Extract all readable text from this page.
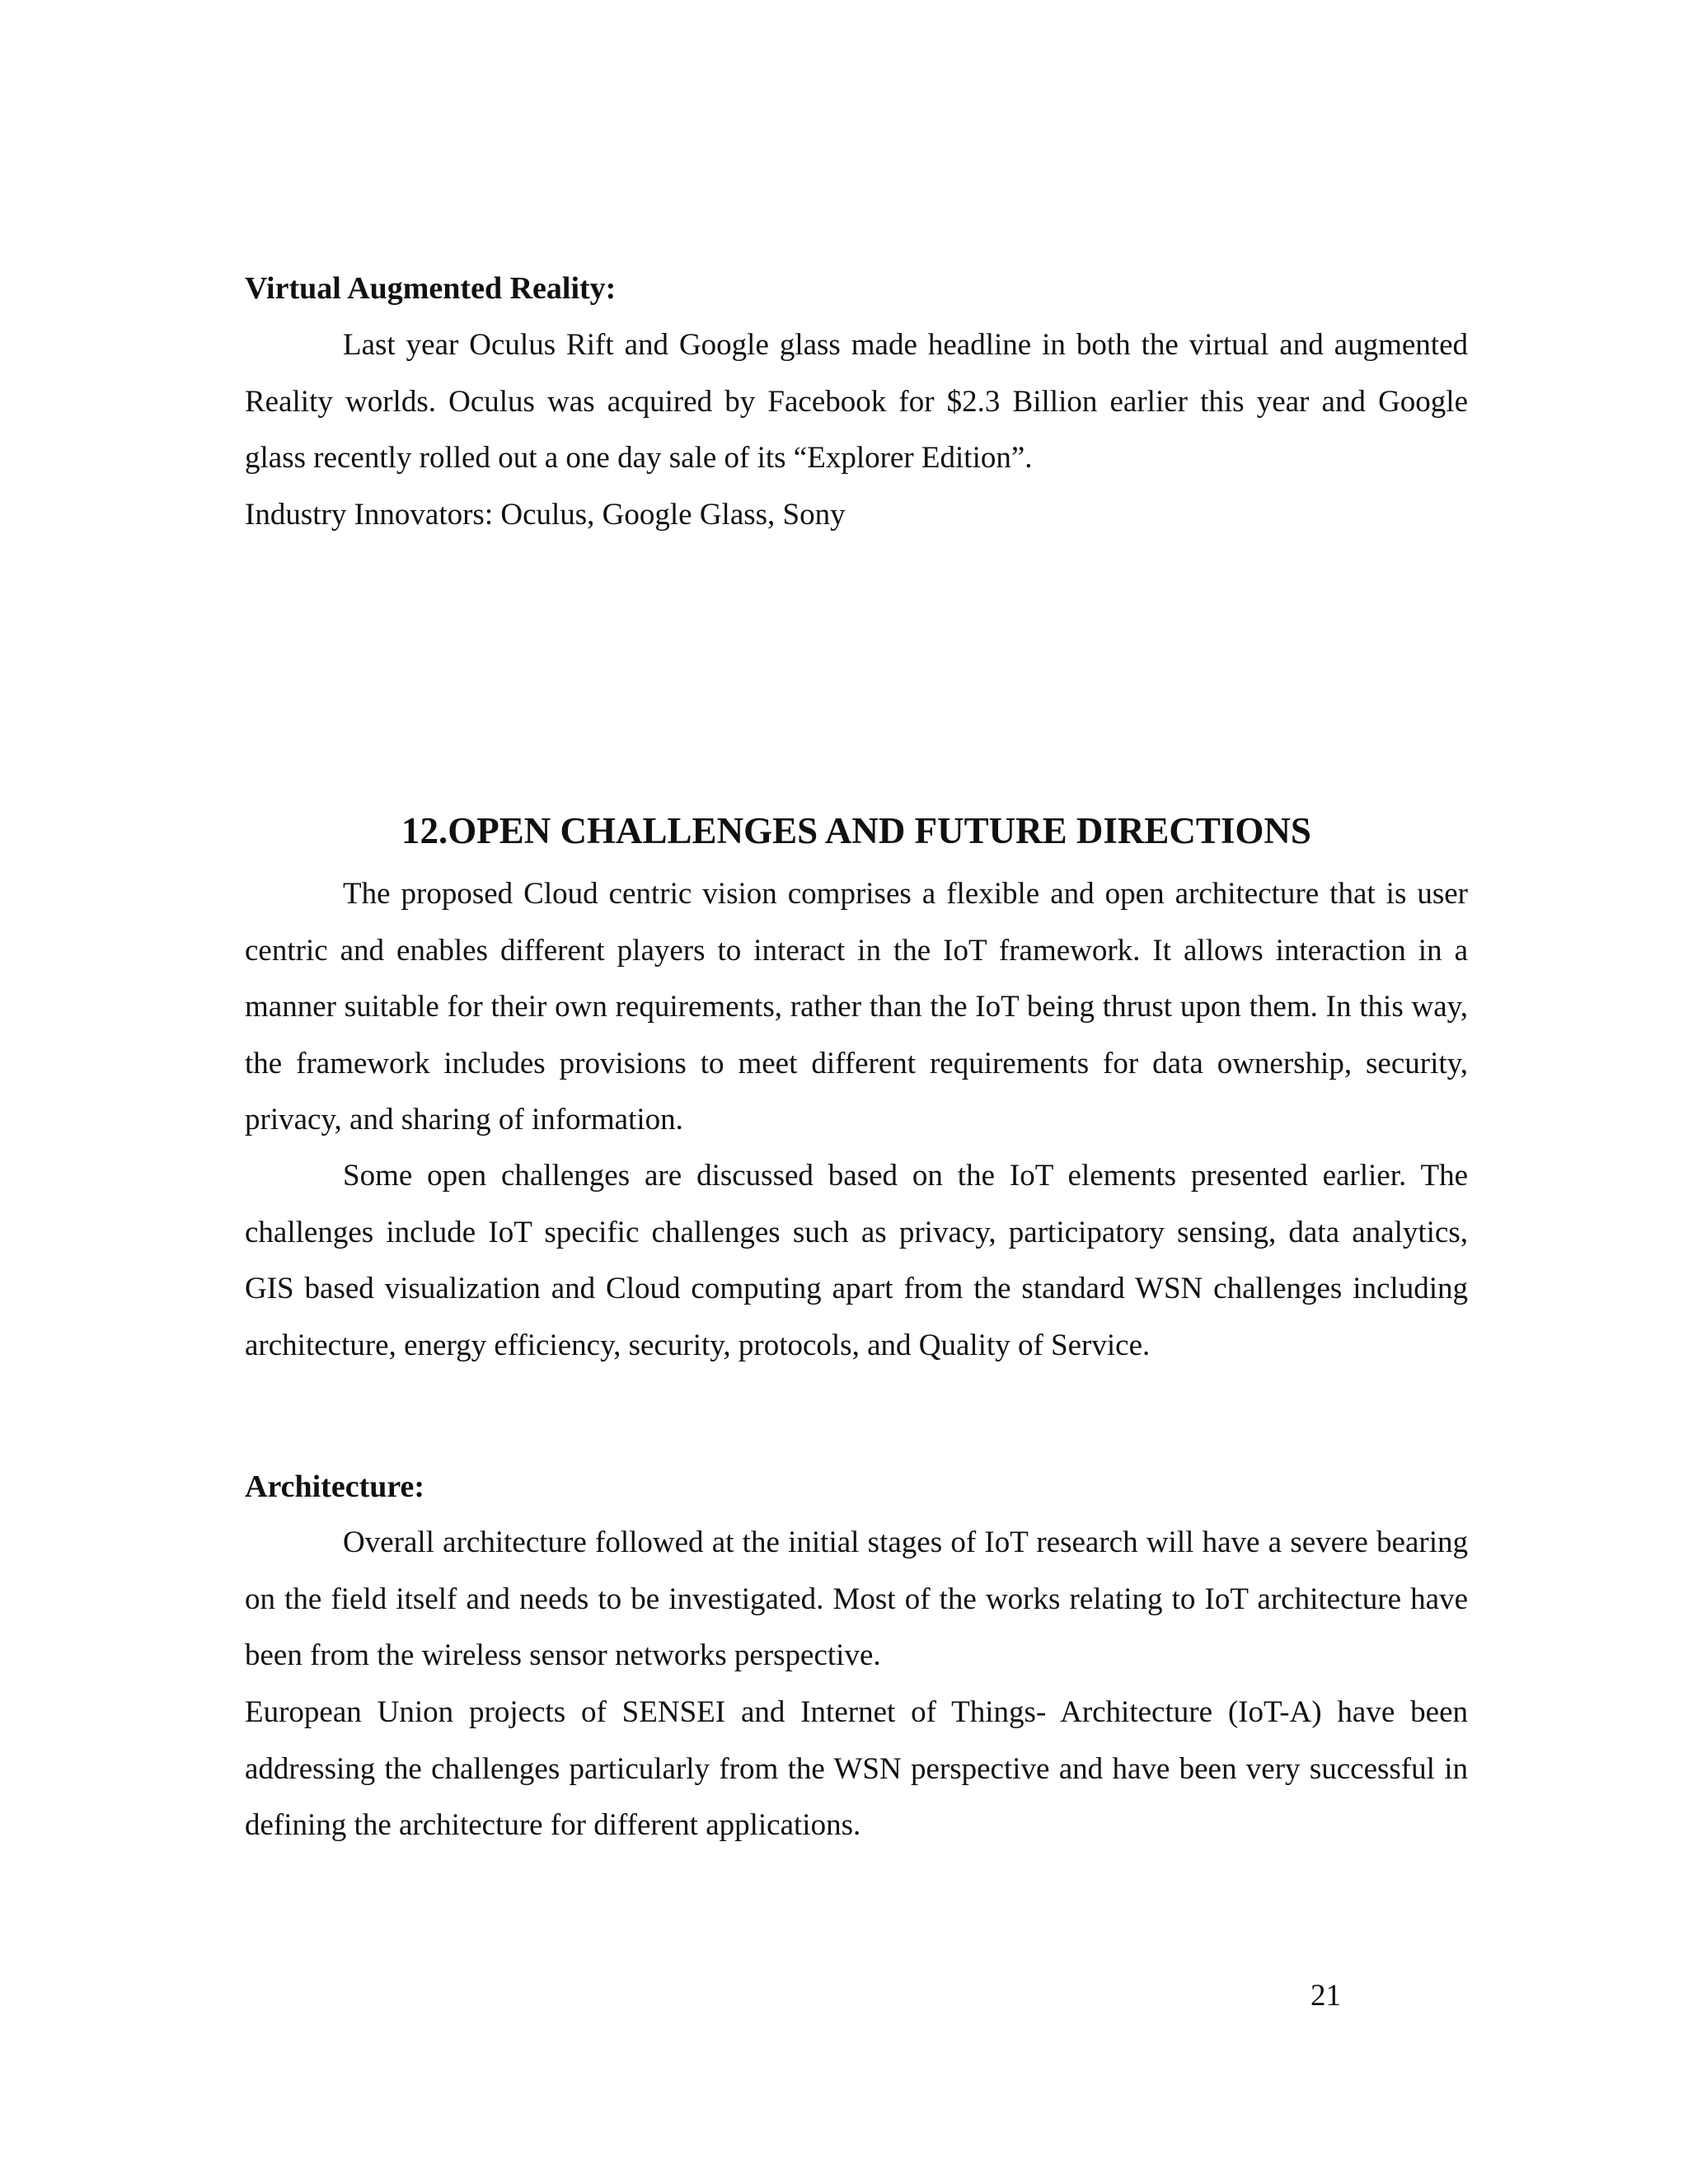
Virtual Augmented Reality:

Last year Oculus Rift and Google glass made headline in both the virtual and augmented Reality worlds. Oculus was acquired by Facebook for $2.3 Billion earlier this year and Google glass recently rolled out a one day sale of its “Explorer Edition”.

Industry Innovators: Oculus, Google Glass, Sony

12.OPEN CHALLENGES AND FUTURE DIRECTIONS

The proposed Cloud centric vision comprises a flexible and open architecture that is user centric and enables different players to interact in the IoT framework. It allows interaction in a manner suitable for their own requirements, rather than the IoT being thrust upon them. In this way, the framework includes provisions to meet different requirements for data ownership, security, privacy, and sharing of information.

Some open challenges are discussed based on the IoT elements presented earlier. The challenges include IoT specific challenges such as privacy, participatory sensing, data analytics, GIS based visualization and Cloud computing apart from the standard WSN challenges including architecture, energy efficiency, security, protocols, and Quality of Service.

Architecture:

Overall architecture followed at the initial stages of IoT research will have a severe bearing on the field itself and needs to be investigated. Most of the works relating to IoT architecture have been from the wireless sensor networks perspective.

European Union projects of SENSEI and Internet of Things- Architecture (IoT-A) have been addressing the challenges particularly from the WSN perspective and have been very successful in defining the architecture for different applications.

21
